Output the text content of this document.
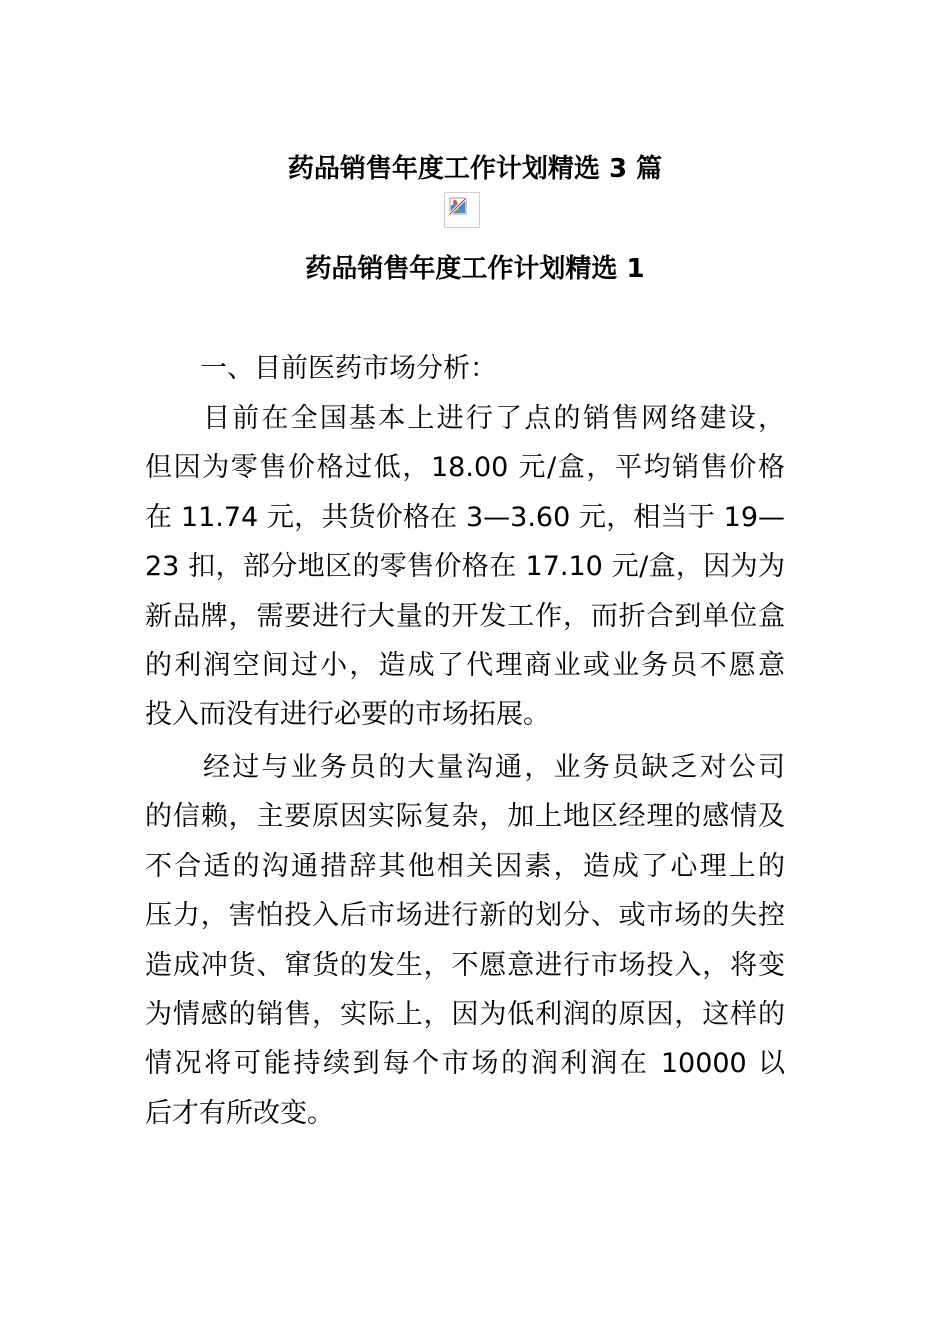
药品销售年度工作计划精选 3 篇
药品销售年度工作计划精选 1

一、目前医药市场分析：

目前在全国基本上进行了点的销售网络建设，
但因为零售价格过低，18.00 元/盒，平均销售价格
在 11.74 元，共货价格在 3—3.60 元，相当于 19—
23 扣，部分地区的零售价格在 17.10 元/盒，因为为
新品牌，需要进行大量的开发工作，而折合到单位盒
的利润空间过小，造成了代理商业或业务员不愿意
投入而没有进行必要的市场拓展。

经过与业务员的大量沟通，业务员缺乏对公司
的信赖，主要原因实际复杂，加上地区经理的感情及
不合适的沟通措辞其他相关因素，造成了心理上的
压力，害怕投入后市场进行新的划分、或市场的失控
造成冲货、窜货的发生，不愿意进行市场投入，将变
为情感的销售，实际上，因为低利润的原因，这样的
情况将可能持续到每个市场的润利润在 10000 以
后才有所改变。
